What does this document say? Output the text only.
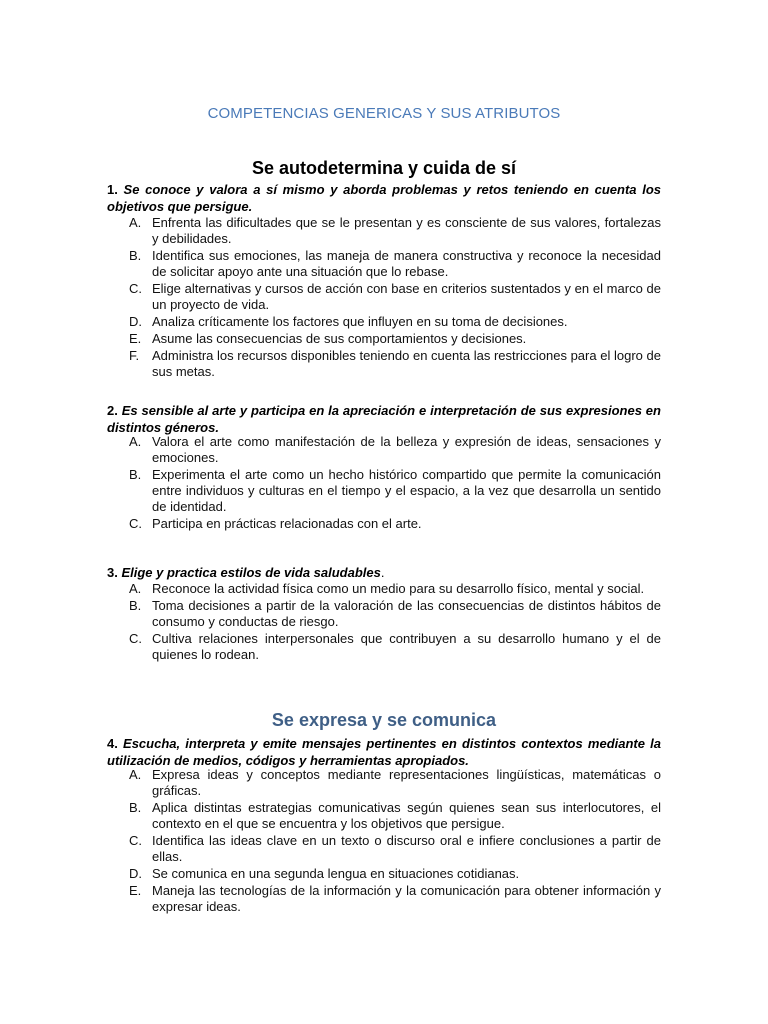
COMPETENCIAS GENERICAS Y SUS ATRIBUTOS
Se autodetermina y cuida de sí

1. Se conoce y valora a sí mismo y aborda problemas y retos teniendo en cuenta los objetivos que persigue.

A. Enfrenta las dificultades que se le presentan y es consciente de sus valores, fortalezas y debilidades.
B. Identifica sus emociones, las maneja de manera constructiva y reconoce la necesidad de solicitar apoyo ante una situación que lo rebase.
C. Elige alternativas y cursos de acción con base en criterios sustentados y en el marco de un proyecto de vida.
D. Analiza críticamente los factores que influyen en su toma de decisiones.
E. Asume las consecuencias de sus comportamientos y decisiones.
F. Administra los recursos disponibles teniendo en cuenta las restricciones para el logro de sus metas.

2. Es sensible al arte y participa en la apreciación e interpretación de sus expresiones en distintos géneros.

A. Valora el arte como manifestación de la belleza y expresión de ideas, sensaciones y emociones.
B. Experimenta el arte como un hecho histórico compartido que permite la comunicación entre individuos y culturas en el tiempo y el espacio, a la vez que desarrolla un sentido de identidad.
C. Participa en prácticas relacionadas con el arte.

3. Elige y practica estilos de vida saludables.

A. Reconoce la actividad física como un medio para su desarrollo físico, mental y social.
B. Toma decisiones a partir de la valoración de las consecuencias de distintos hábitos de consumo y conductas de riesgo.
C. Cultiva relaciones interpersonales que contribuyen a su desarrollo humano y el de quienes lo rodean.
Se expresa y se comunica

4. Escucha, interpreta y emite mensajes pertinentes en distintos contextos mediante la utilización de medios, códigos y herramientas apropiados.

A. Expresa ideas y conceptos mediante representaciones lingüísticas, matemáticas o gráficas.
B. Aplica distintas estrategias comunicativas según quienes sean sus interlocutores, el contexto en el que se encuentra y los objetivos que persigue.
C. Identifica las ideas clave en un texto o discurso oral e infiere conclusiones a partir de ellas.
D. Se comunica en una segunda lengua en situaciones cotidianas.
E. Maneja las tecnologías de la información y la comunicación para obtener información y expresar ideas.
